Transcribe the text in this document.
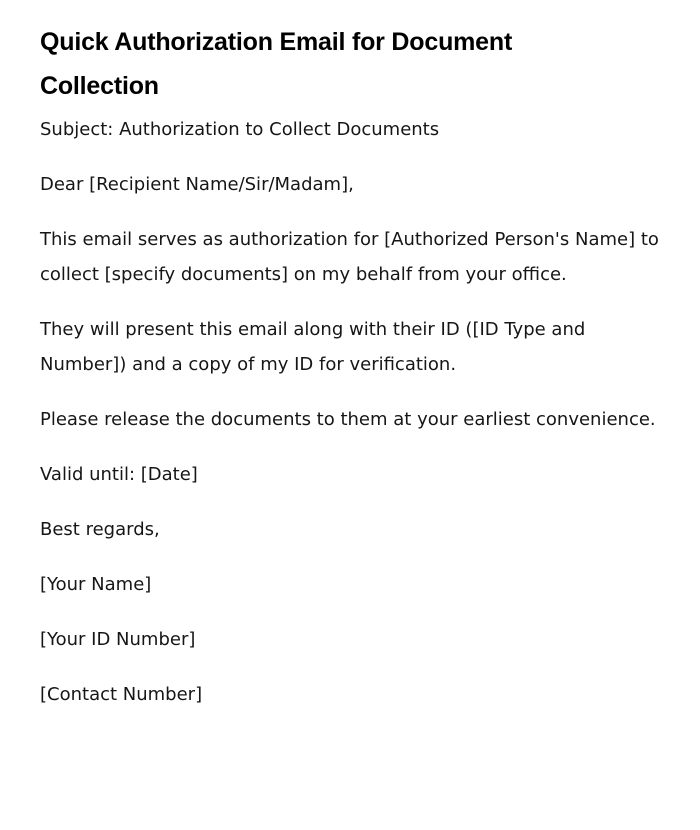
Quick Authorization Email for Document Collection

Subject: Authorization to Collect Documents

Dear [Recipient Name/Sir/Madam],

This email serves as authorization for [Authorized Person's Name] to collect [specify documents] on my behalf from your office.

They will present this email along with their ID ([ID Type and Number]) and a copy of my ID for verification.

Please release the documents to them at your earliest convenience.

Valid until: [Date]

Best regards,

[Your Name]

[Your ID Number]

[Contact Number]
